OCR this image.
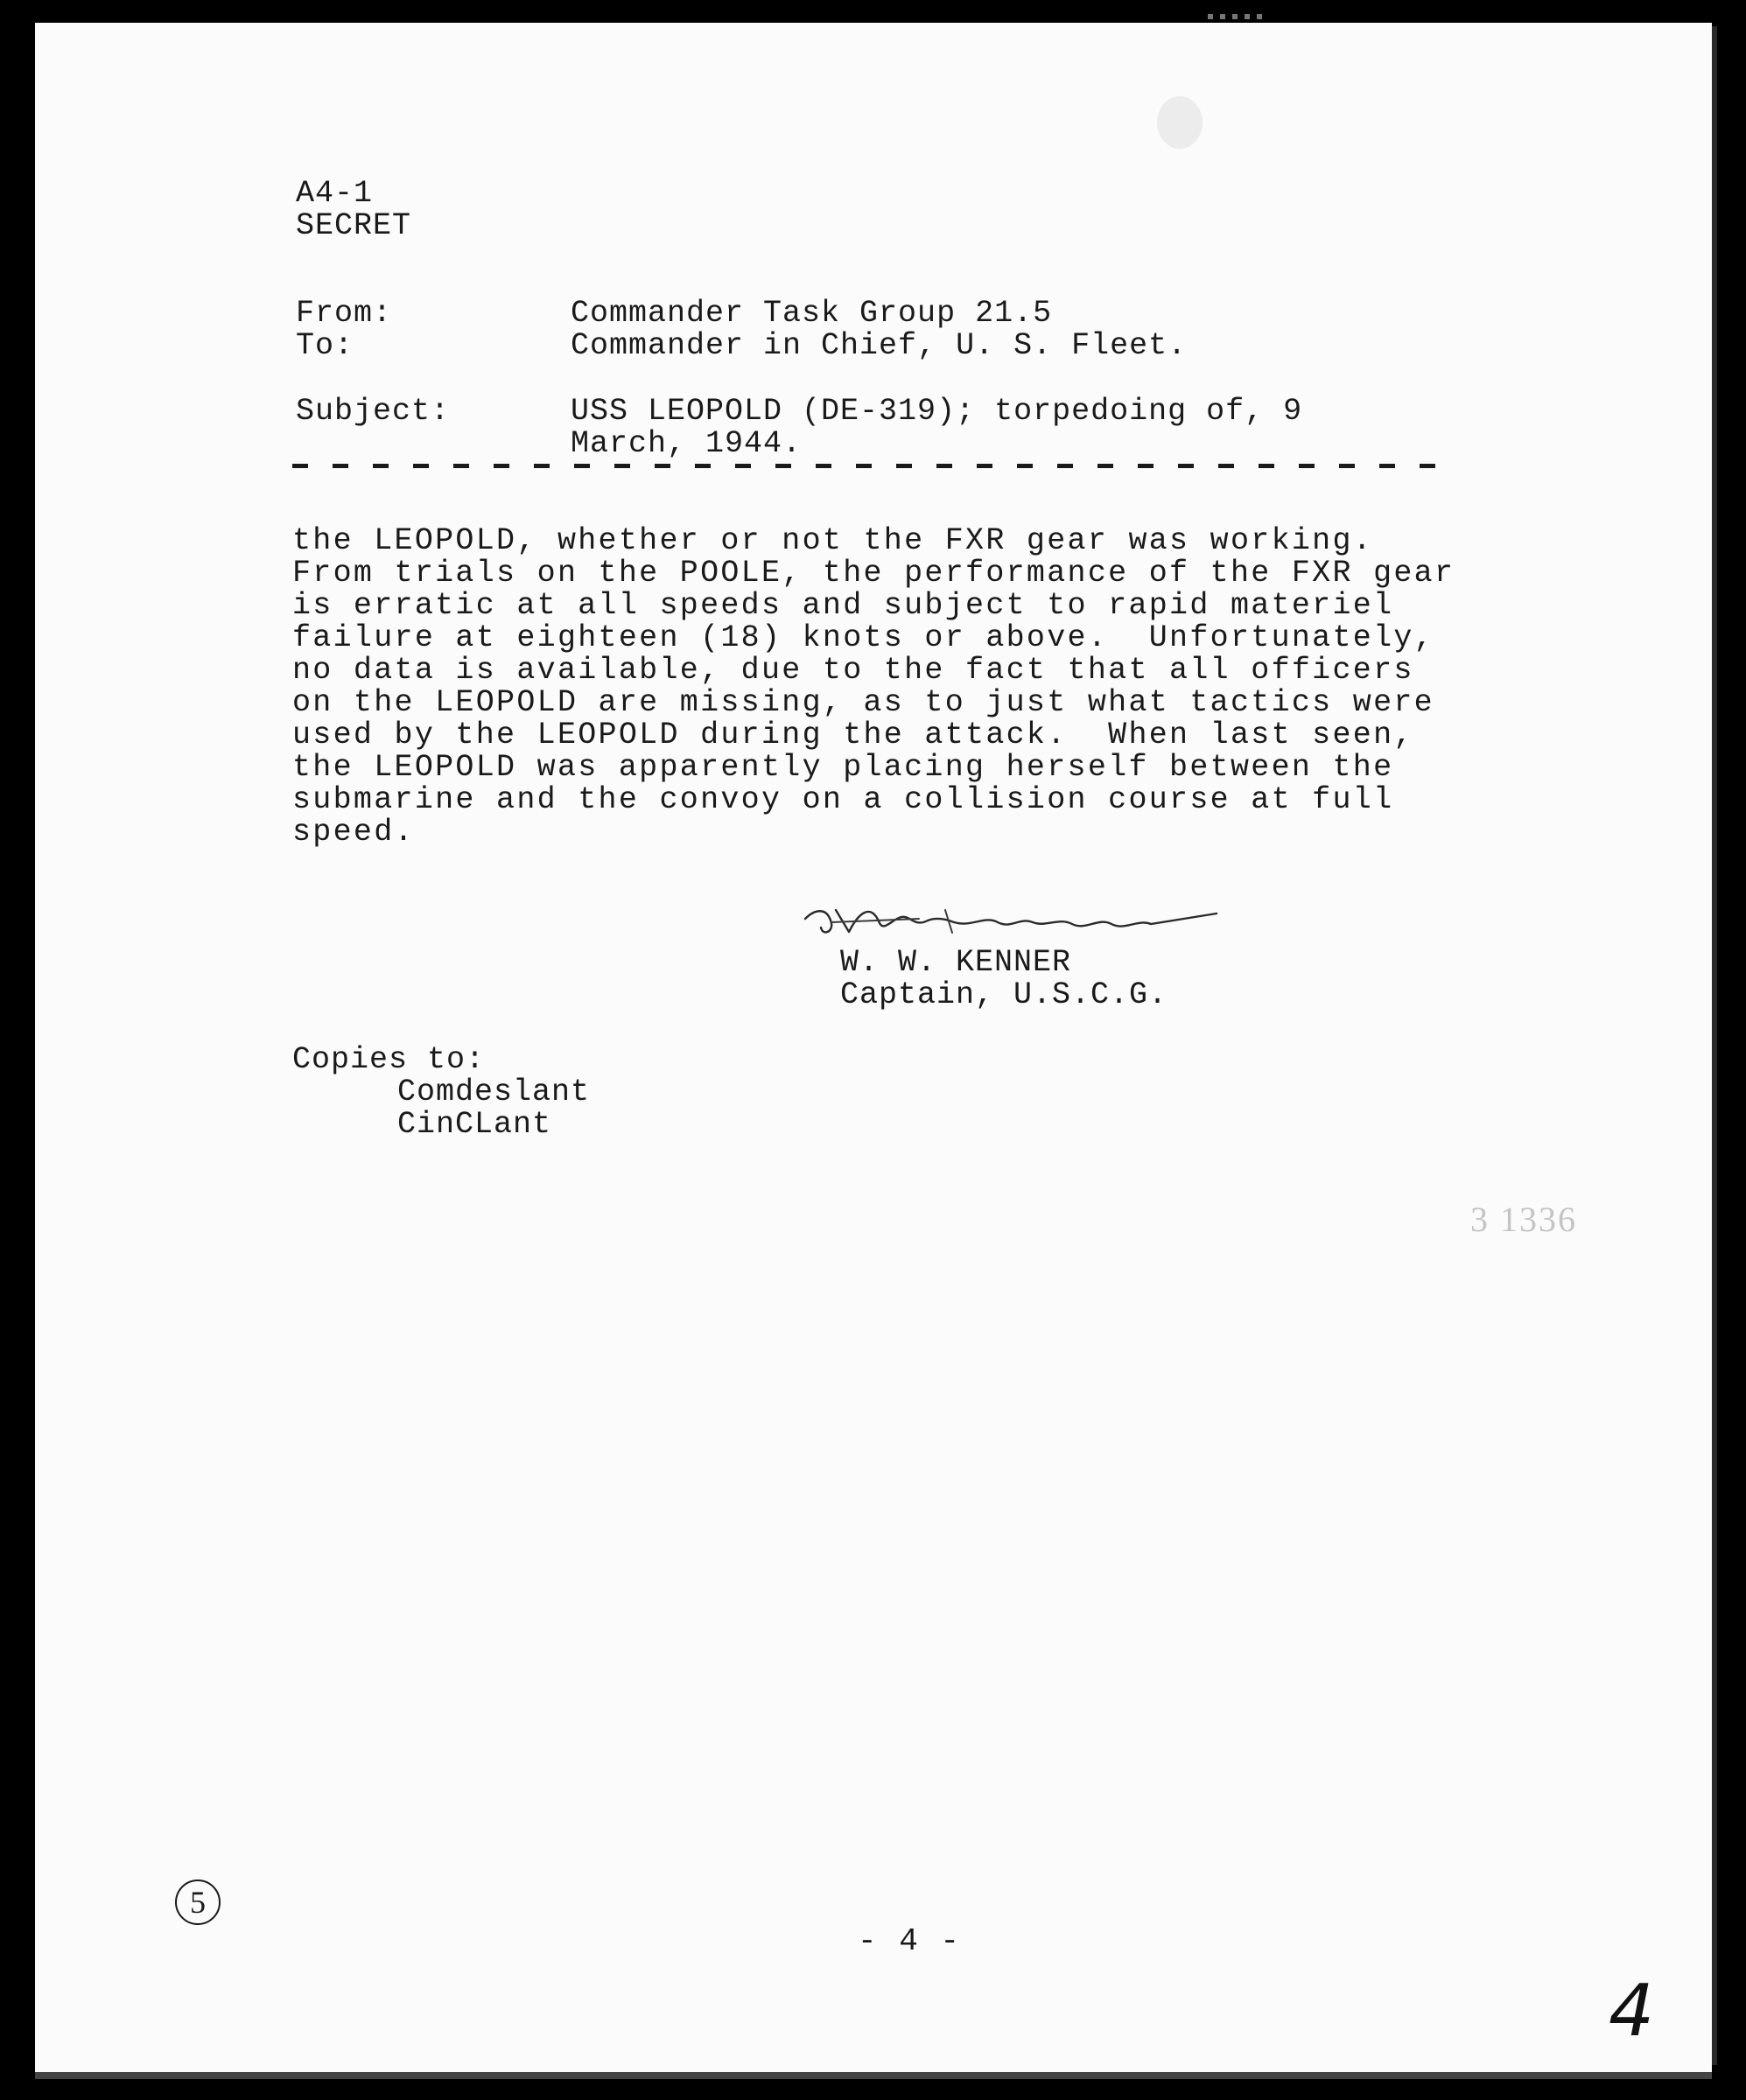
A4-1
SECRET
From:	Commander Task Group 21.5
To:	Commander in Chief, U. S. Fleet.
Subject:	USS LEOPOLD (DE-319); torpedoing of, 9
March, 1944.
the LEOPOLD, whether or not the FXR gear was working.
From trials on the POOLE, the performance of the FXR gear
is erratic at all speeds and subject to rapid materiel
failure at eighteen (18) knots or above.  Unfortunately,
no data is available, due to the fact that all officers
on the LEOPOLD are missing, as to just what tactics were
used by the LEOPOLD during the attack.  When last seen,
the LEOPOLD was apparently placing herself between the
submarine and the convoy on a collision course at full
speed.
W. W. KENNER
Captain, U.S.C.G.
Copies to:
Comdeslant
CinCLant
3 1336
5
- 4 -
4
